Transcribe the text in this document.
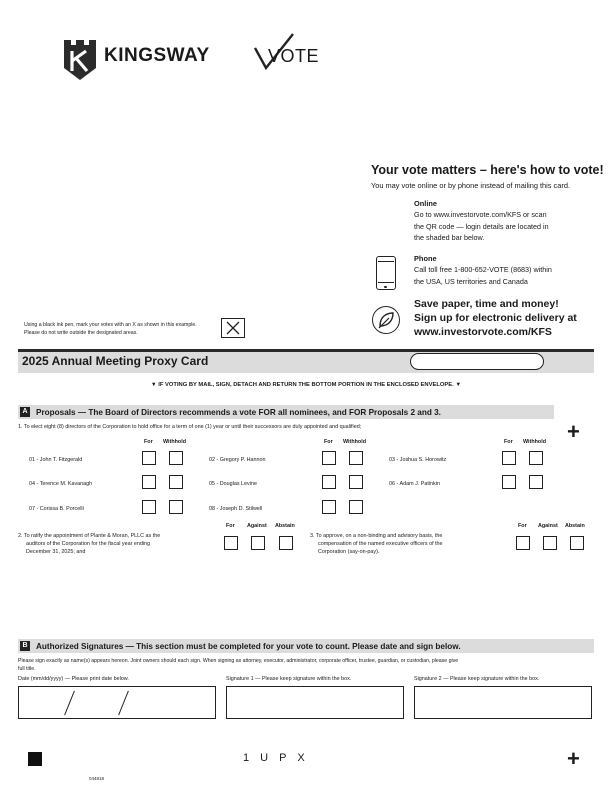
KINGSWAY	VOTE
Your vote matters – here's how to vote!
You may vote online or by phone instead of mailing this card.
Online
Go to www.investorvote.com/KFS or scan
the QR code — login details are located in
the shaded bar below.
Phone
Call toll free 1-800-652-VOTE (8683) within
the USA, US territories and Canada
Save paper, time and money!
Sign up for electronic delivery at
www.investorvote.com/KFS
Using a black ink pen, mark your votes with an X as shown in this example.
Please do not write outside the designated areas.
2025 Annual Meeting Proxy Card
▼ IF VOTING BY MAIL, SIGN, DETACH AND RETURN THE BOTTOM PORTION IN THE ENCLOSED ENVELOPE. ▼
A	Proposals — The Board of Directors recommends a vote FOR all nominees, and FOR Proposals 2 and 3.
+
1. To elect eight (8) directors of the Corporation to hold office for a term of one (1) year or until their successors are duly appointed and qualified;
For Withhold	For Withhold	For Withhold
01 - John T. Fitzgerald	02 - Gregory P. Hannon	03 - Joshua S. Horowitz
04 - Terence M. Kavanagh	05 - Douglas Levine	06 - Adam J. Patinkin
07 - Corissa B. Porcelli	08 - Joseph D. Stilwell
2. To ratify the appointment of Plante & Moran, PLLC as the
auditors of the Corporation for the fiscal year ending
December 31, 2025; and
For Against Abstain
3. To approve, on a non-binding and advisory basis, the
compensation of the named executive officers of the
Corporation (say-on-pay).
For Against Abstain
B	Authorized Signatures — This section must be completed for your vote to count. Please date and sign below.
Please sign exactly as name(s) appears hereon. Joint owners should each sign. When signing as attorney, executor, administrator, corporate officer, trustee, guardian, or custodian, please give
full title.
Date (mm/dd/yyyy) — Please print date below.	Signature 1 — Please keep signature within the box.	Signature 2 — Please keep signature within the box.
1 U P X	+
044818
